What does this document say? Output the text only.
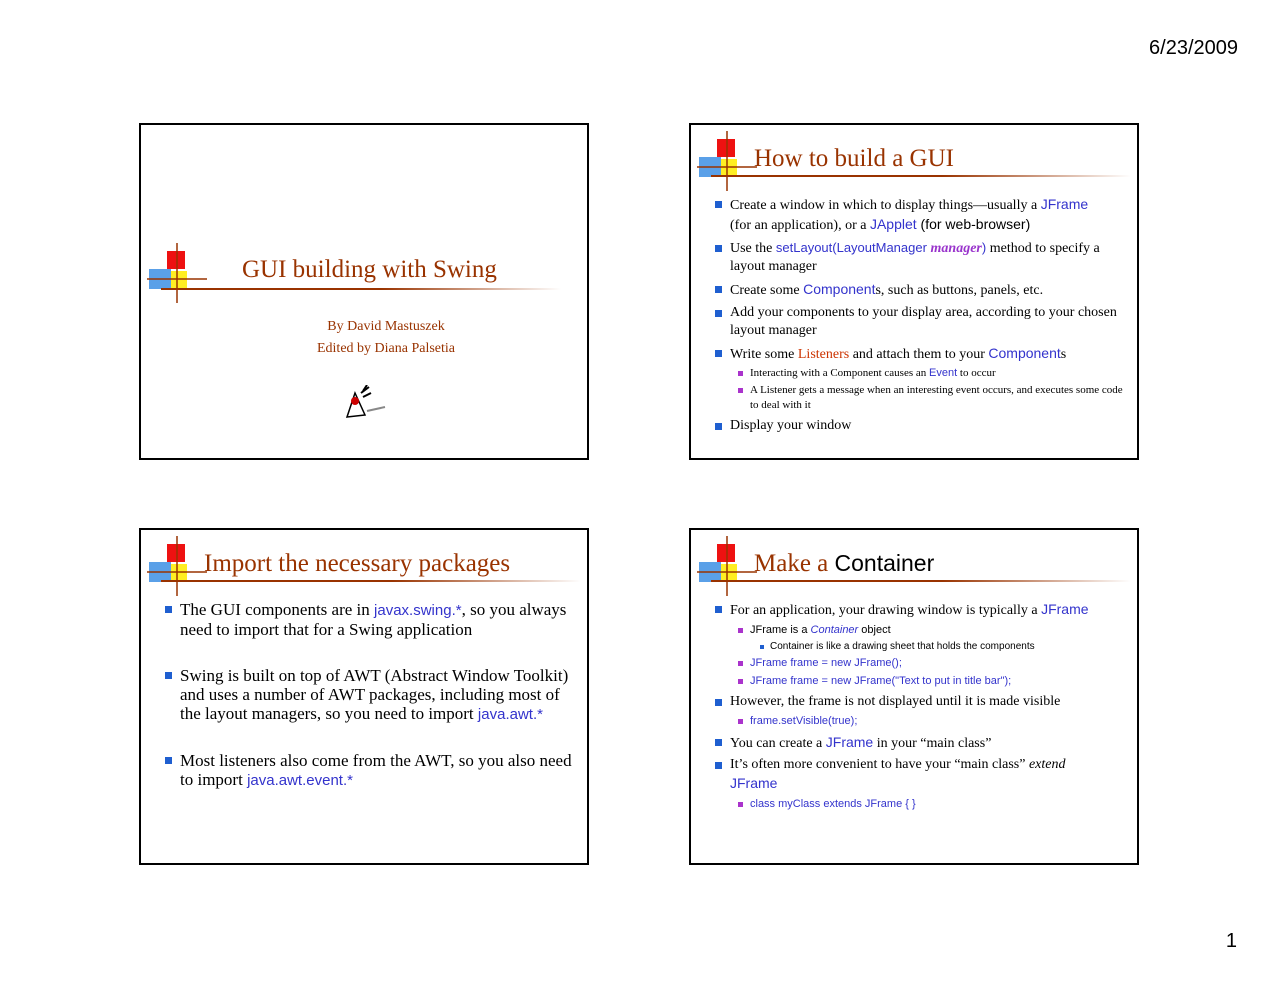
6/23/2009
GUI building with Swing
By David Mastuszek
Edited by Diana Palsetia
How to build a GUI
Create a window in which to display things—usually a JFrame
(for an application), or a JApplet (for web-browser)
Use the setLayout(LayoutManager manager) method to specify a layout manager
Create some Components, such as buttons, panels, etc.
Add your components to your display area, according to your chosen layout manager
Write some Listeners and attach them to your Components
Interacting with a Component causes an Event to occur
A Listener gets a message when an interesting event occurs, and executes some code to deal with it
Display your window
Import the necessary packages
The GUI components are in javax.swing.*, so you always need to import that for a Swing application
Swing is built on top of AWT (Abstract Window Toolkit) and uses a number of AWT packages, including most of the layout managers, so you need to import java.awt.*
Most listeners also come from the AWT, so you also need to import java.awt.event.*
Make a Container
For an application, your drawing window is typically a JFrame
JFrame is a Container object
Container is like a drawing sheet that holds the components
JFrame frame = new JFrame();
JFrame frame = new JFrame("Text to put in title bar");
However, the frame is not displayed until it is made visible
frame.setVisible(true);
You can create a JFrame in your “main class”
It’s often more convenient to have your “main class” extend
JFrame
class myClass extends JFrame { }
1
